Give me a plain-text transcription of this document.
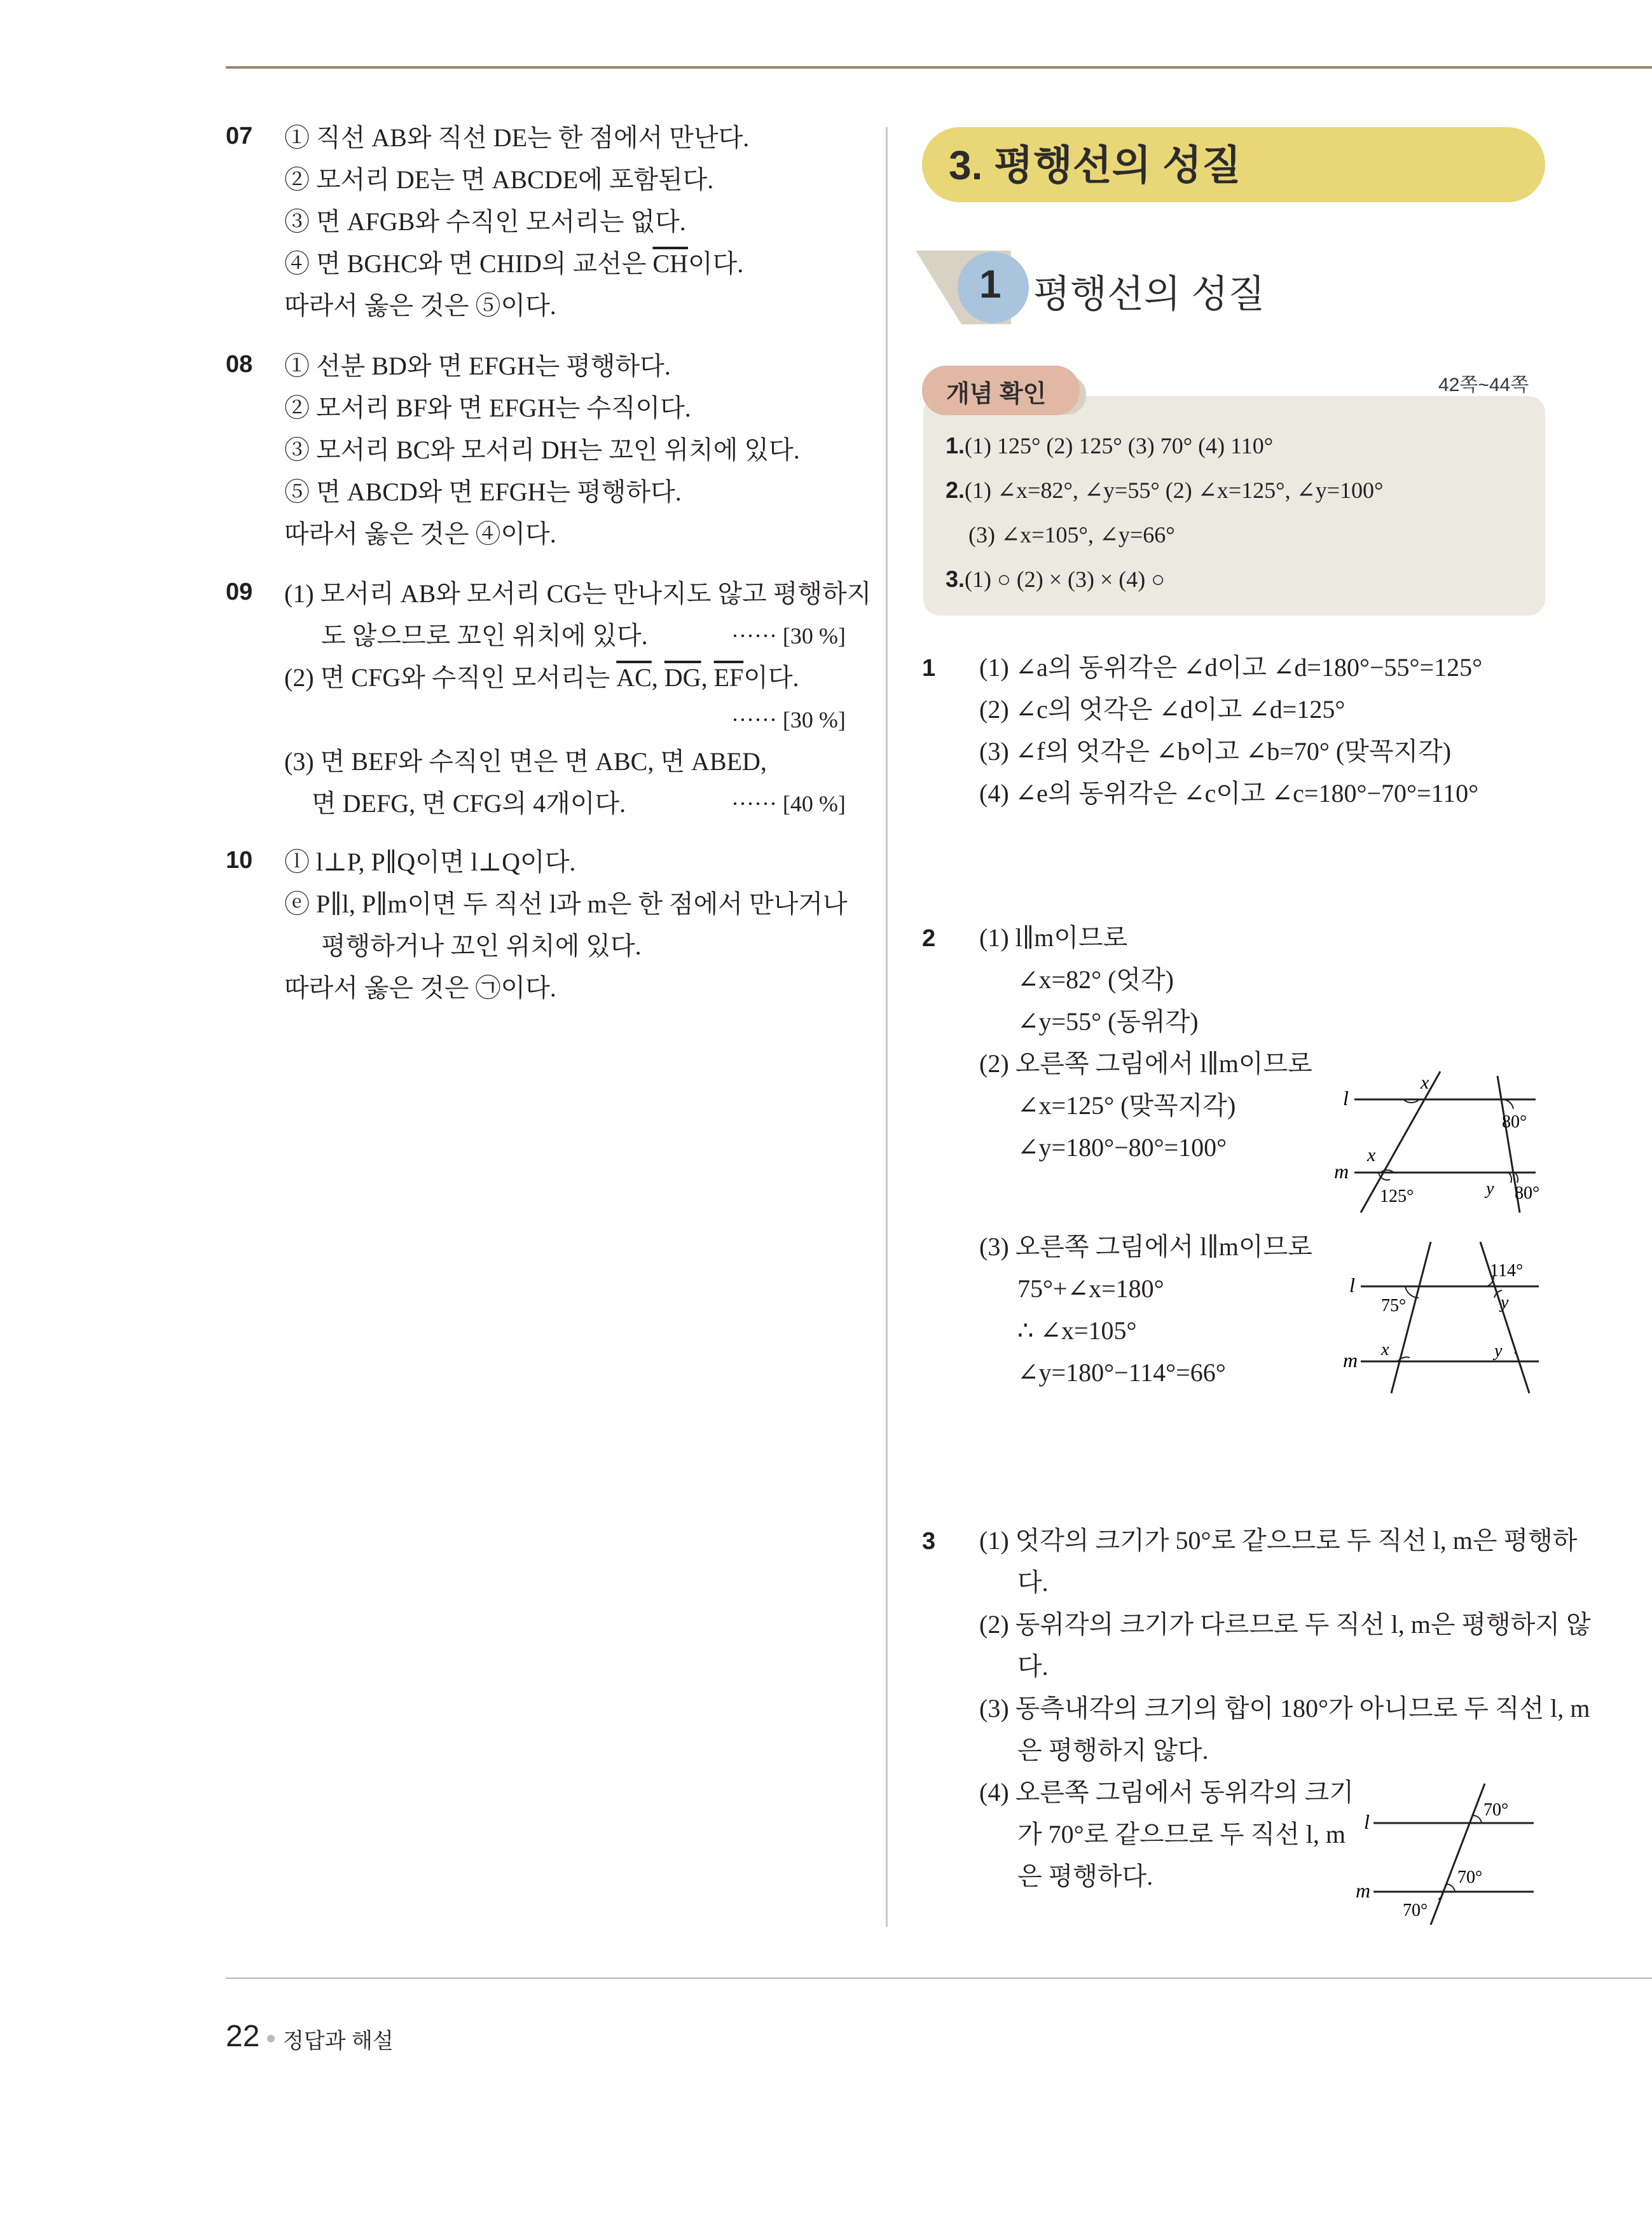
07 ① 직선 AB와 직선 DE는 한 점에서 만난다.
② 모서리 DE는 면 ABCDE에 포함된다.
③ 면 AFGB와 수직인 모서리는 없다.
④ 면 BGHC와 면 CHID의 교선은 $\overline{CH}$이다.
따라서 옳은 것은 ⑤이다.
08 ① 선분 BD와 면 EFGH는 평행하다.
② 모서리 BF와 면 EFGH는 수직이다.
③ 모서리 BC와 모서리 DH는 꼬인 위치에 있다.
⑤ 면 ABCD와 면 EFGH는 평행하다.
따라서 옳은 것은 ④이다.
09 (1) 모서리 AB와 모서리 CG는 만나지도 않고 평행하지
도 않으므로 꼬인 위치에 있다.	······ [30 %]
(2) 면 CFG와 수직인 모서리는 $\overline{AC}$, $\overline{DG}$, $\overline{EF}$이다.
······ [30 %]
(3) 면 BEF와 수직인 면은 면 ABC, 면 ABED,
면 DEFG, 면 CFG의 4개이다.	······ [40 %]
10 ⓛ l⊥P, P∥Q이면 l⊥Q이다.
ⓔ P∥l, P∥m이면 두 직선 l과 m은 한 점에서 만나거나
평행하거나 꼬인 위치에 있다.
따라서 옳은 것은 ㉠이다.
3. 평행선의 성질
1 평행선의 성질
개념 확인	42쪽~44쪽
1.(1) 125° (2) 125° (3) 70° (4) 110°
2.(1) ∠x=82°, ∠y=55° (2) ∠x=125°, ∠y=100°
(3) ∠x=105°, ∠y=66°
3.(1) ○ (2) × (3) × (4) ○
1 (1) ∠a의 동위각은 ∠d이고 ∠d=180°−55°=125°
(2) ∠c의 엇각은 ∠d이고 ∠d=125°
(3) ∠f의 엇각은 ∠b이고 ∠b=70° (맞꼭지각)
(4) ∠e의 동위각은 ∠c이고 ∠c=180°−70°=110°
2 (1) l∥m이므로
∠x=82° (엇각)
∠y=55° (동위각)
(2) 오른쪽 그림에서 l∥m이므로
∠x=125° (맞꼭지각)
∠y=180°−80°=100°
(3) 오른쪽 그림에서 l∥m이므로
75°+∠x=180°
∴ ∠x=105°
∠y=180°−114°=66°
l
m
x
x
80°
125°	y 80°
l
m
75°
x
114°
y
y
3 (1) 엇각의 크기가 50°로 같으므로 두 직선 l, m은 평행하
다.
(2) 동위각의 크기가 다르므로 두 직선 l, m은 평행하지 않
다.
(3) 동측내각의 크기의 합이 180°가 아니므로 두 직선 l, m
은 평행하지 않다.
(4) 오른쪽 그림에서 동위각의 크기
가 70°로 같으므로 두 직선 l, m
은 평행하다.
l
m
70°
70°
70°
22 정답과 해설
